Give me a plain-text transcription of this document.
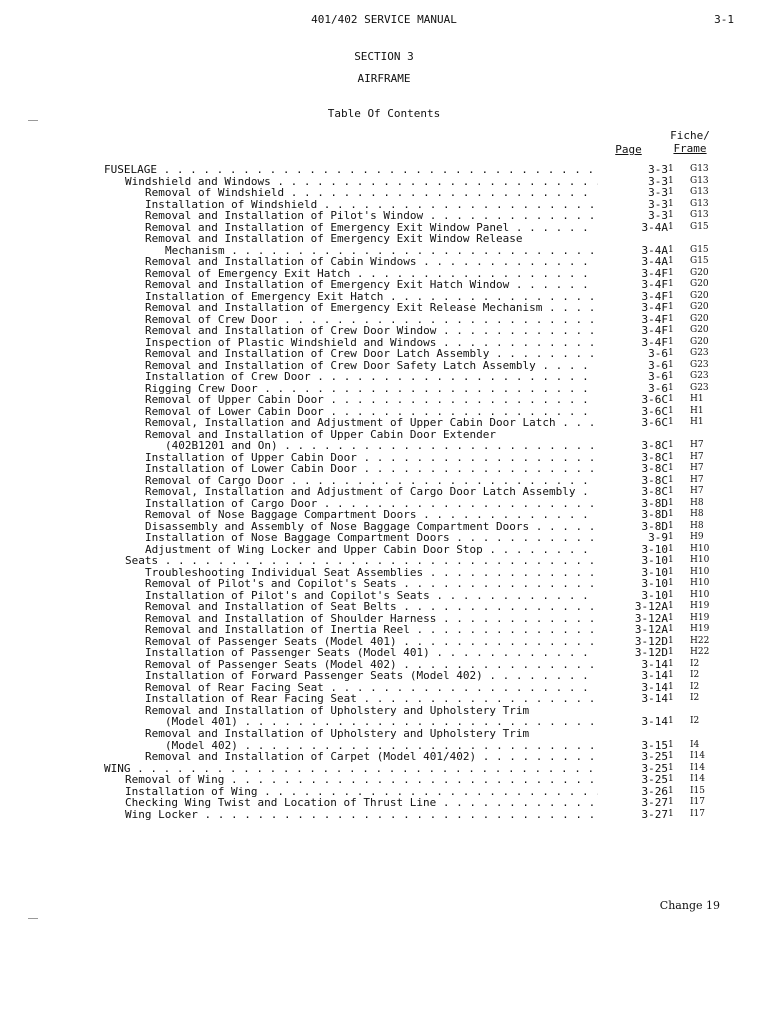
401/402 SERVICE MANUAL	3-1
SECTION 3
AIRFRAME
Table Of Contents
Page
Fiche/
Frame
FUSELAGE . . .	3-3 1	G13
Windshield and Windows . . .	3-3 1	G13
Removal of Windshield . . .	3-3 1	G13
Installation of Windshield . . .	3-3 1	G13
Removal and Installation of Pilot's Window . . .	3-3 1	G13
Removal and Installation of Emergency Exit Window Panel . . .	3-4A 1	G15
Removal and Installation of Emergency Exit Window Release
Mechanism . . .	3-4A 1	G15
Removal and Installation of Cabin Windows . . .	3-4A 1	G15
Removal of Emergency Exit Hatch . . .	3-4F 1	G20
Removal and Installation of Emergency Exit Hatch Window . . .	3-4F 1	G20
Installation of Emergency Exit Hatch . . .	3-4F 1	G20
Removal and Installation of Emergency Exit Release Mechanism . . .	3-4F 1	G20
Removal of Crew Door . . .	3-4F 1	G20
Removal and Installation of Crew Door Window . . .	3-4F 1	G20
Inspection of Plastic Windshield and Windows . . .	3-4F 1	G20
Removal and Installation of Crew Door Latch Assembly . . .	3-6 1	G23
Removal and Installation of Crew Door Safety Latch Assembly . . .	3-6 1	G23
Installation of Crew Door . . .	3-6 1	G23
Rigging Crew Door . . .	3-6 1	G23
Removal of Upper Cabin Door . . .	3-6C 1	H1
Removal of Lower Cabin Door . . .	3-6C 1	H1
Removal, Installation and Adjustment of Upper Cabin Door Latch . . .	3-6C 1	H1
Removal and Installation of Upper Cabin Door Extender
(402B1201 and On) . . .	3-8C 1	H7
Installation of Upper Cabin Door . . .	3-8C 1	H7
Installation of Lower Cabin Door . . .	3-8C 1	H7
Removal of Cargo Door . . .	3-8C 1	H7
Removal, Installation and Adjustment of Cargo Door Latch Assembly . . .	3-8C 1	H7
Installation of Cargo Door . . .	3-8D 1	H8
Removal of Nose Baggage Compartment Doors . . .	3-8D 1	H8
Disassembly and Assembly of Nose Baggage Compartment Doors . . .	3-8D 1	H8
Installation of Nose Baggage Compartment Doors . . .	3-9 1	H9
Adjustment of Wing Locker and Upper Cabin Door Stop . . .	3-10 1	H10
Seats . . .	3-10 1	H10
Troubleshooting Individual Seat Assemblies . . .	3-10 1	H10
Removal of Pilot's and Copilot's Seats . . .	3-10 1	H10
Installation of Pilot's and Copilot's Seats . . .	3-10 1	H10
Removal and Installation of Seat Belts . . .	3-12A 1	H19
Removal and Installation of Shoulder Harness . . .	3-12A 1	H19
Removal and Installation of Inertia Reel . . .	3-12A 1	H19
Removal of Passenger Seats (Model 401) . . .	3-12D 1	H22
Installation of Passenger Seats (Model 401) . . .	3-12D 1	H22
Removal of Passenger Seats (Model 402) . . .	3-14 1	I2
Installation of Forward Passenger Seats (Model 402) . . .	3-14 1	I2
Removal of Rear Facing Seat . . .	3-14 1	I2
Installation of Rear Facing Seat . . .	3-14 1	I2
Removal and Installation of Upholstery and Upholstery Trim
(Model 401) . . .	3-14 1	I2
Removal and Installation of Upholstery and Upholstery Trim
(Model 402) . . .	3-15 1	I4
Removal and Installation of Carpet (Model 401/402) . . .	3-25 1	I14
WING . . .	3-25 1	I14
Removal of Wing . . .	3-25 1	I14
Installation of Wing . . .	3-26 1	I15
Checking Wing Twist and Location of Thrust Line . . .	3-27 1	I17
Wing Locker . . .	3-27 1	I17
Change 19
